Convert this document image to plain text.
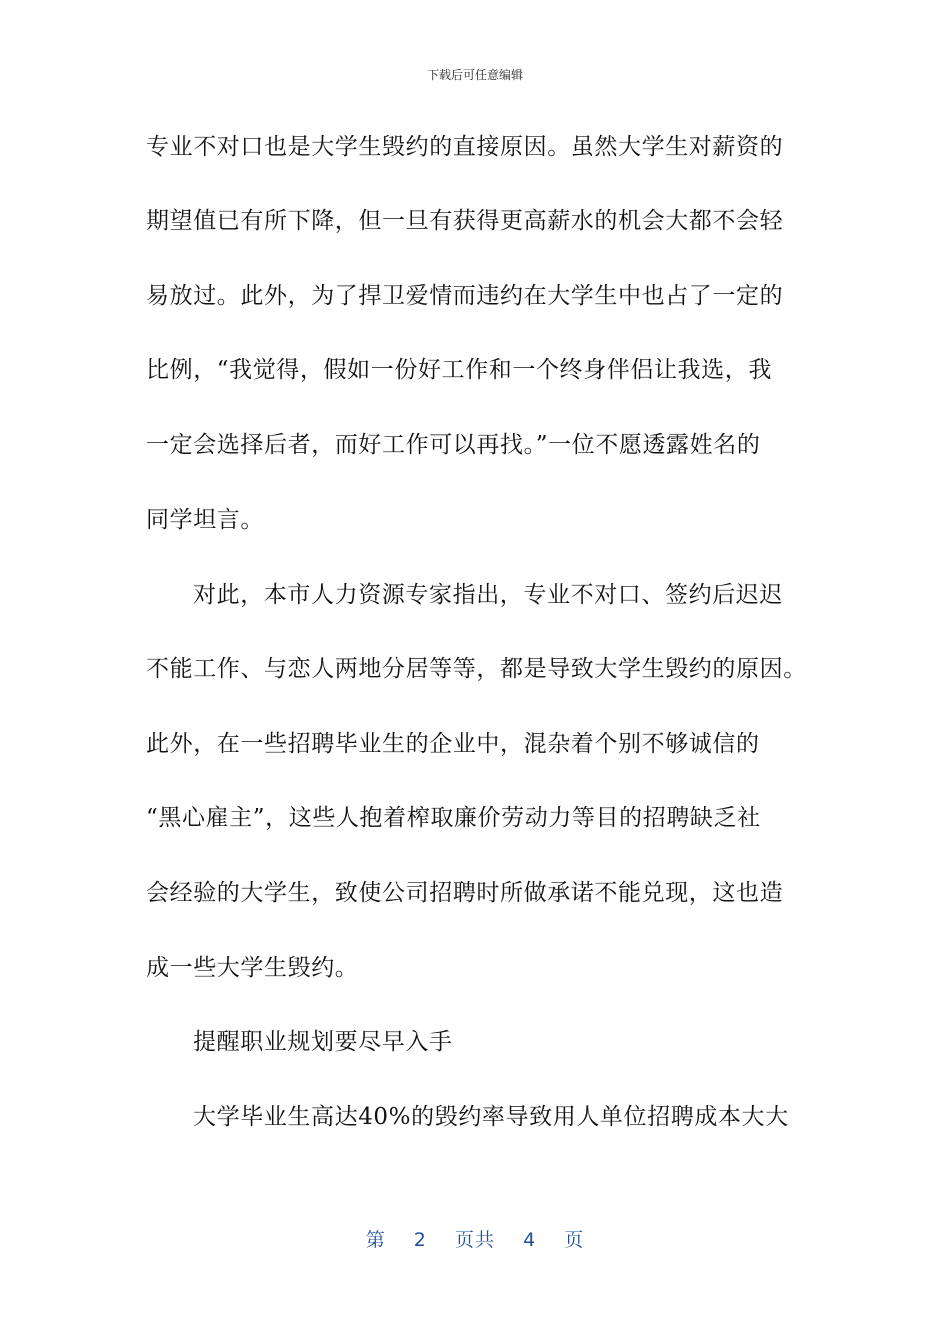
下载后可任意编辑
专业不对口也是大学生毁约的直接原因。虽然大学生对薪资的
期望值已有所下降，但一旦有获得更高薪水的机会大都不会轻
易放过。此外，为了捍卫爱情而违约在大学生中也占了一定的
比例，“我觉得，假如一份好工作和一个终身伴侣让我选，我
一定会选择后者，而好工作可以再找。”一位不愿透露姓名的
同学坦言。
对此，本市人力资源专家指出，专业不对口、签约后迟迟
不能工作、与恋人两地分居等等，都是导致大学生毁约的原因。
此外，在一些招聘毕业生的企业中，混杂着个别不够诚信的
“黑心雇主”，这些人抱着榨取廉价劳动力等目的招聘缺乏社
会经验的大学生，致使公司招聘时所做承诺不能兑现，这也造
成一些大学生毁约。
提醒职业规划要尽早入手
大学毕业生高达40%的毁约率导致用人单位招聘成本大大
第 2 页共 4 页
